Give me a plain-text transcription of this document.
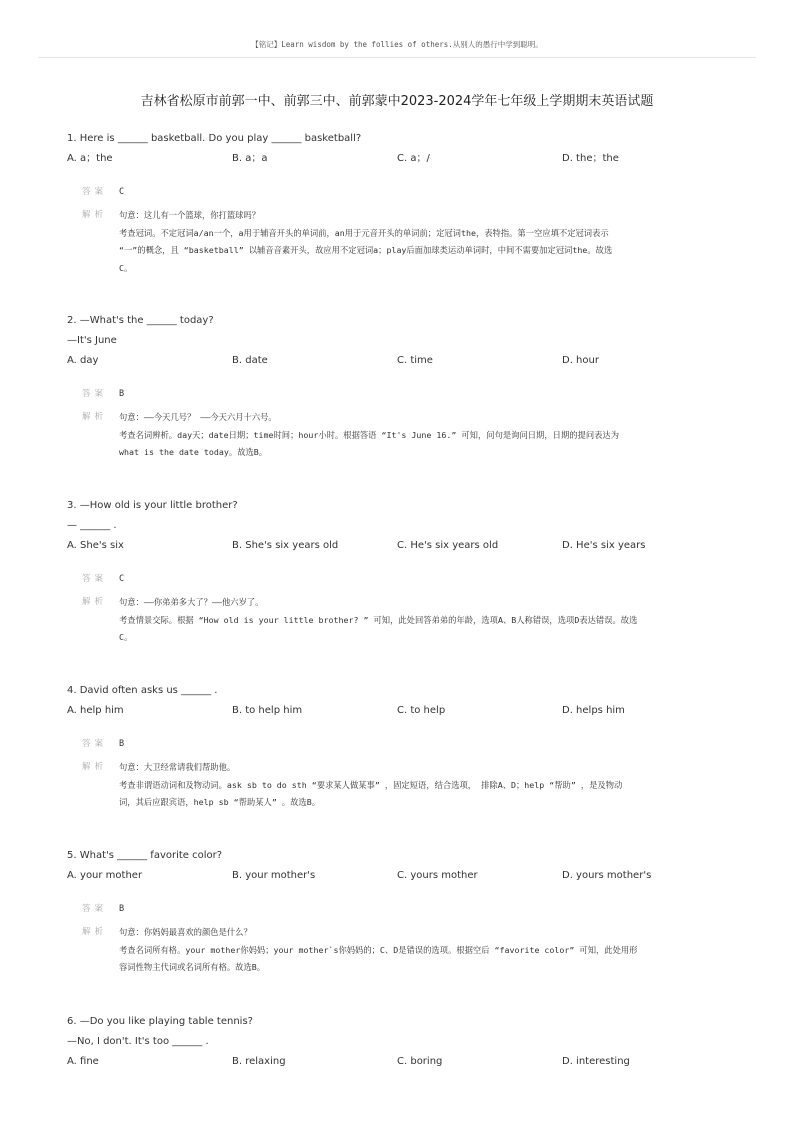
【铭记】Learn wisdom by the follies of others.从别人的愚行中学到聪明。
吉林省松原市前郭一中、前郭三中、前郭蒙中2023-2024学年七年级上学期期末英语试题
1. Here is ______ basketball. Do you play ______ basketball?
A. a；the	B. a；a	C. a；/	D. the；the
答案 C
解析 句意：这儿有一个篮球，你打篮球吗？
考查冠词。不定冠词a/an一个，a用于辅音开头的单词前，an用于元音开头的单词前；定冠词the，表特指。第一空应填不定冠词表示
“一”的概念，且 “basketball” 以辅音音素开头，故应用不定冠词a；play后面加球类运动单词时，中间不需要加定冠词the。故选
C。
2. —What's the ______ today?
—It's June
A. day	B. date	C. time	D. hour
答案 B
解析 句意：——今天几号？ ——今天六月十六号。
考查名词辨析。day天；date日期；time时间；hour小时。根据答语 “It's June 16.” 可知，问句是询问日期，日期的提问表达为
what is the date today。故选B。
3. —How old is your little brother?
— ______ .
A. She's six	B. She's six years old	C. He's six years old	D. He's six years
答案 C
解析 句意：——你弟弟多大了？——他六岁了。
考查情景交际。根据 “How old is your little brother? ” 可知，此处回答弟弟的年龄，选项A、B人称错误，选项D表达错误。故选
C。
4. David often asks us ______ .
A. help him	B. to help him	C. to help	D. helps him
答案 B
解析 句意：大卫经常请我们帮助他。
考查非谓语动词和及物动词。ask sb to do sth “要求某人做某事” ，固定短语，结合选项， 排除A、D；help “帮助” ，是及物动
词，其后应跟宾语，help sb “帮助某人” 。故选B。
5. What's ______ favorite color?
A. your mother	B. your mother's	C. yours mother	D. yours mother's
答案 B
解析 句意：你妈妈最喜欢的颜色是什么？
考查名词所有格。your mother你妈妈；your mother`s你妈妈的；C、D是错误的选项。根据空后 “favorite color” 可知，此处用形
容词性物主代词或名词所有格。故选B。
6. —Do you like playing table tennis?
—No, I don't. It's too ______ .
A. fine	B. relaxing	C. boring	D. interesting
